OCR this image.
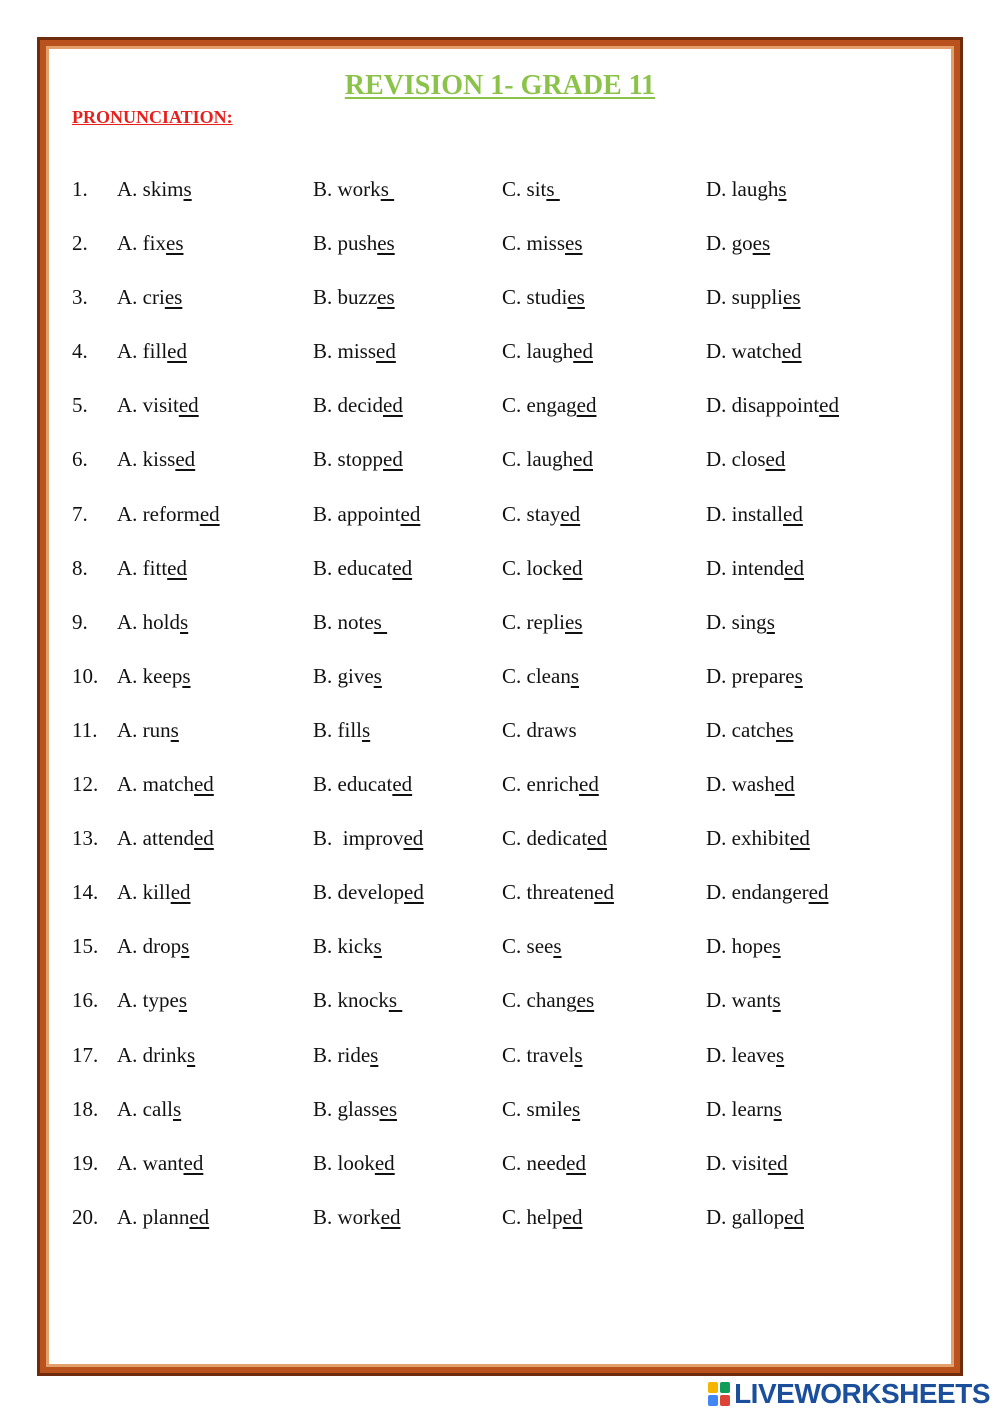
REVISION 1- GRADE 11
PRONUNCIATION:
1. A. skims	B. works	C. sits	D. laughs
2. A. fixes	B. pushes	C. misses	D. goes
3. A. cries	B. buzzes	C. studies	D. supplies
4. A. filled	B. missed	C. laughed	D. watched
5. A. visited	B. decided	C. engaged	D. disappointed
6. A. kissed	B. stopped	C. laughed	D. closed
7. A. reformed	B. appointed	C. stayed	D. installed
8. A. fitted	B. educated	C. locked	D. intended
9. A. holds	B. notes	C. replies	D. sings
10. A. keeps	B. gives	C. cleans	D. prepares
11. A. runs	B. fills	C. draws	D. catches
12. A. matched	B. educated	C. enriched	D. washed
13. A. attended	B.  improved	C. dedicated	D. exhibited
14. A. killed	B. developed	C. threatened	D. endangered
15. A. drops	B. kicks	C. sees	D. hopes
16. A. types	B. knocks	C. changes	D. wants
17. A. drinks	B. rides	C. travels	D. leaves
18. A. calls	B. glasses	C. smiles	D. learns
19. A. wanted	B. looked	C. needed	D. visited
20. A. planned	B. worked	C. helped	D. galloped
LIVEWORKSHEETS
